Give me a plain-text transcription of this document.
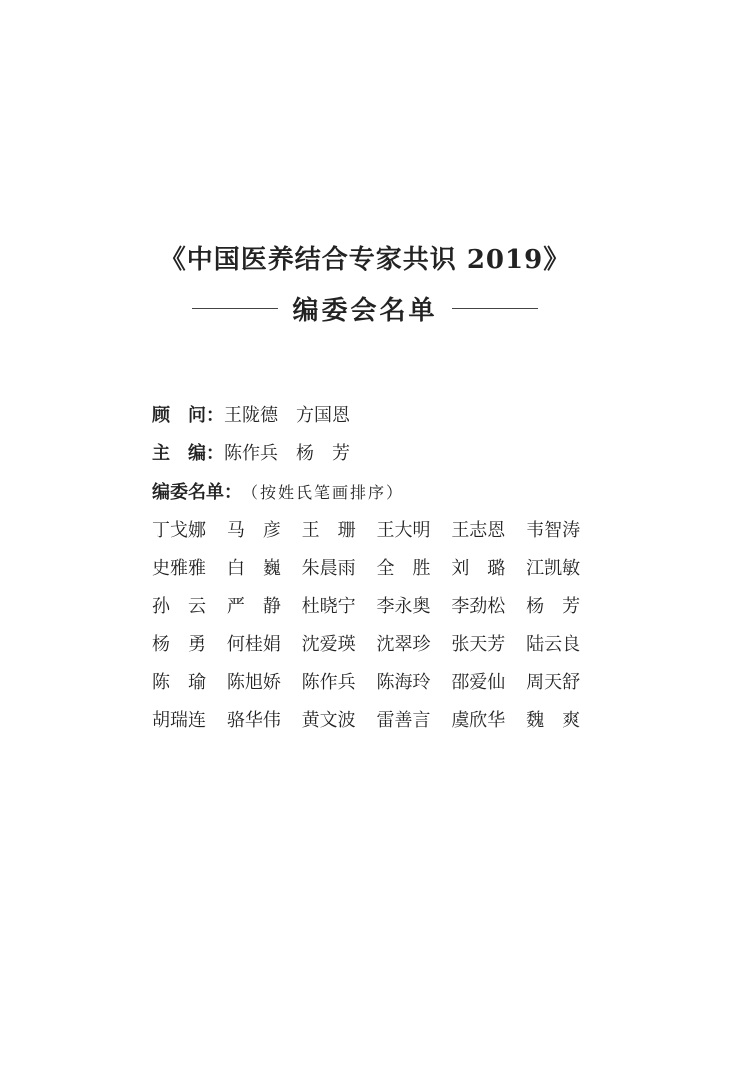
《中国医养结合专家共识 2019》
编委会名单
顾　问：王陇德　方国恩
主　编：陈作兵　杨　芳
编委名单：（按姓氏笔画排序）
丁戈娜	马　彦	王　珊	王大明	王志恩	韦智涛
史雅雅	白　巍	朱晨雨	全　胜	刘　璐	江凯敏
孙　云	严　静	杜晓宁	李永奥	李劲松	杨　芳
杨　勇	何桂娟	沈爱瑛	沈翠珍	张天芳	陆云良
陈　瑜	陈旭娇	陈作兵	陈海玲	邵爱仙	周天舒
胡瑞连	骆华伟	黄文波	雷善言	虞欣华	魏　爽
